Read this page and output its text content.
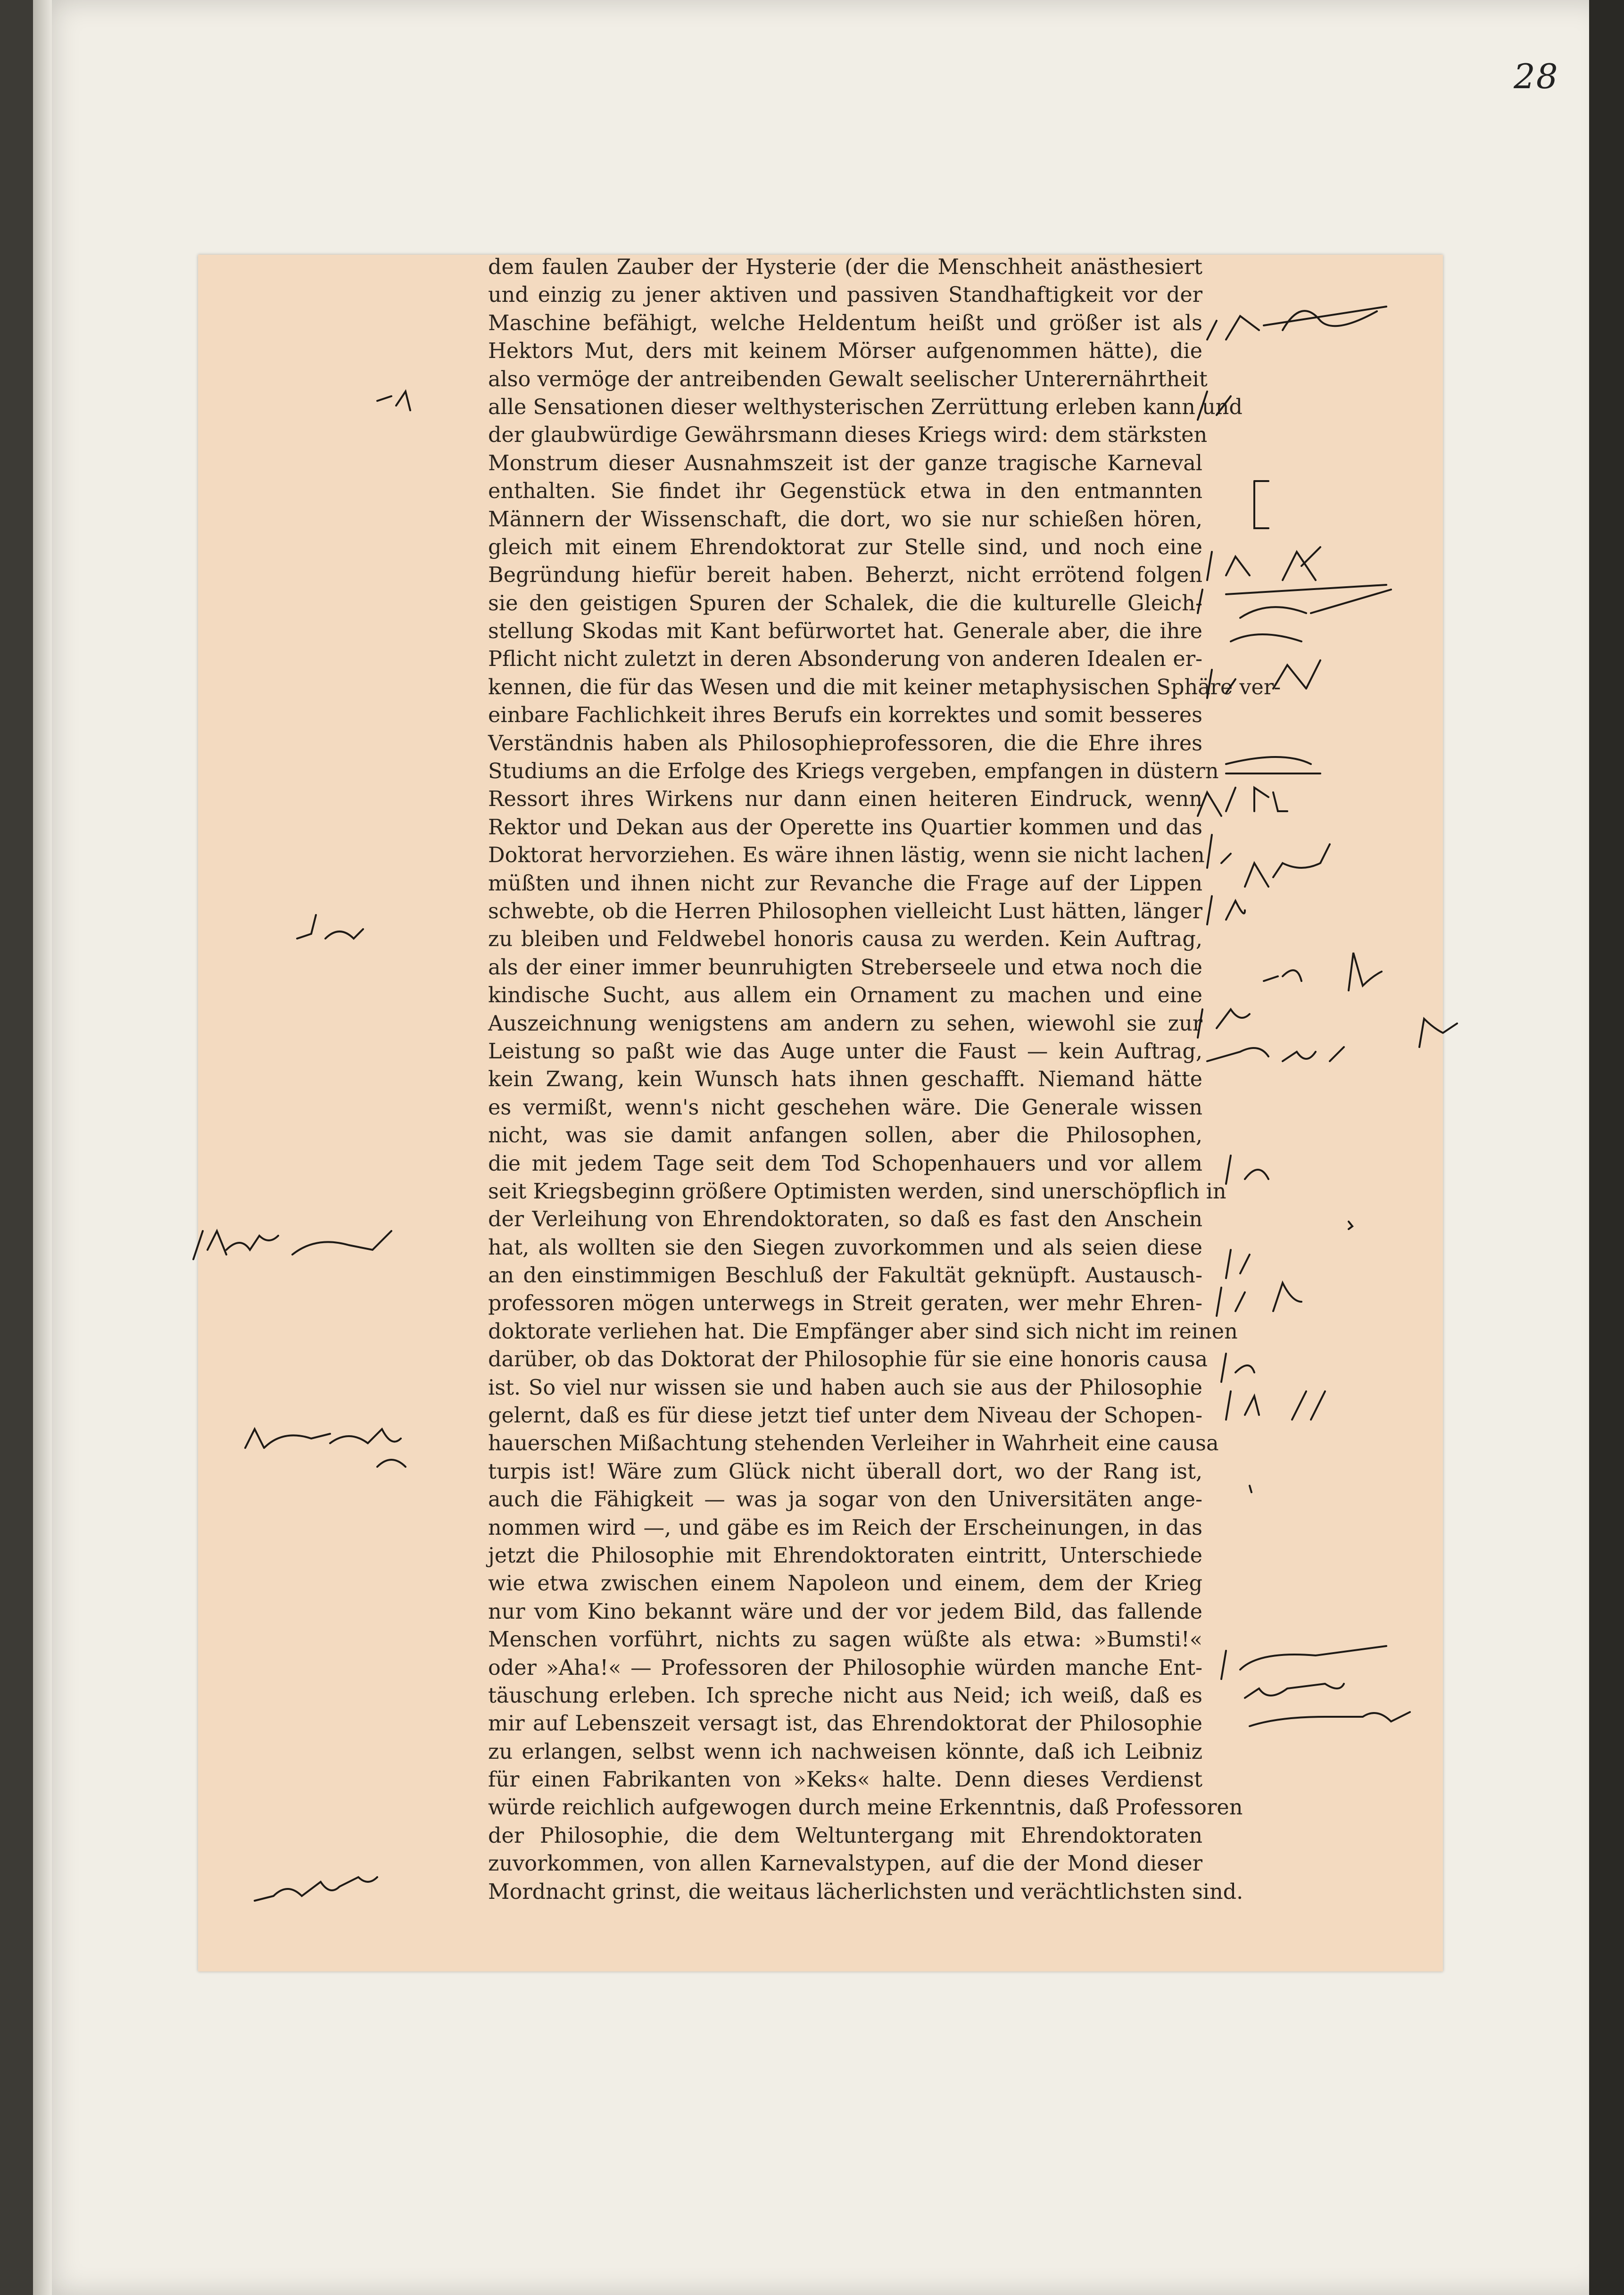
28
dem faulen Zauber der Hysterie (der die Menschheit anästhesiert
und einzig zu jener aktiven und passiven Standhaftigkeit vor der
Maschine befähigt, welche Heldentum heißt und größer ist als
Hektors Mut, ders mit keinem Mörser aufgenommen hätte), die
also vermöge der antreibenden Gewalt seelischer Unterernährtheit
alle Sensationen dieser welthysterischen Zerrüttung erleben kann und
der glaubwürdige Gewährsmann dieses Kriegs wird: dem stärksten
Monstrum dieser Ausnahmszeit ist der ganze tragische Karneval
enthalten. Sie findet ihr Gegenstück etwa in den entmannten
Männern der Wissenschaft, die dort, wo sie nur schießen hören,
gleich mit einem Ehrendoktorat zur Stelle sind, und noch eine
Begründung hiefür bereit haben. Beherzt, nicht errötend folgen
sie den geistigen Spuren der Schalek, die die kulturelle Gleich-
stellung Skodas mit Kant befürwortet hat. Generale aber, die ihre
Pflicht nicht zuletzt in deren Absonderung von anderen Idealen er-
kennen, die für das Wesen und die mit keiner metaphysischen Sphäre ver-
einbare Fachlichkeit ihres Berufs ein korrektes und somit besseres
Verständnis haben als Philosophieprofessoren, die die Ehre ihres
Studiums an die Erfolge des Kriegs vergeben, empfangen in düstern
Ressort ihres Wirkens nur dann einen heiteren Eindruck, wenn
Rektor und Dekan aus der Operette ins Quartier kommen und das
Doktorat hervorziehen. Es wäre ihnen lästig, wenn sie nicht lachen
müßten und ihnen nicht zur Revanche die Frage auf der Lippen
schwebte, ob die Herren Philosophen vielleicht Lust hätten, länger
zu bleiben und Feldwebel honoris causa zu werden. Kein Auftrag,
als der einer immer beunruhigten Streberseele und etwa noch die
kindische Sucht, aus allem ein Ornament zu machen und eine
Auszeichnung wenigstens am andern zu sehen, wiewohl sie zur
Leistung so paßt wie das Auge unter die Faust — kein Auftrag,
kein Zwang, kein Wunsch hats ihnen geschafft. Niemand hätte
es vermißt, wenn's nicht geschehen wäre. Die Generale wissen
nicht, was sie damit anfangen sollen, aber die Philosophen,
die mit jedem Tage seit dem Tod Schopenhauers und vor allem
seit Kriegsbeginn größere Optimisten werden, sind unerschöpflich in
der Verleihung von Ehrendoktoraten, so daß es fast den Anschein
hat, als wollten sie den Siegen zuvorkommen und als seien diese
an den einstimmigen Beschluß der Fakultät geknüpft. Austausch-
professoren mögen unterwegs in Streit geraten, wer mehr Ehren-
doktorate verliehen hat. Die Empfänger aber sind sich nicht im reinen
darüber, ob das Doktorat der Philosophie für sie eine honoris causa
ist. So viel nur wissen sie und haben auch sie aus der Philosophie
gelernt, daß es für diese jetzt tief unter dem Niveau der Schopen-
hauerschen Mißachtung stehenden Verleiher in Wahrheit eine causa
turpis ist! Wäre zum Glück nicht überall dort, wo der Rang ist,
auch die Fähigkeit — was ja sogar von den Universitäten ange-
nommen wird —, und gäbe es im Reich der Erscheinungen, in das
jetzt die Philosophie mit Ehrendoktoraten eintritt, Unterschiede
wie etwa zwischen einem Napoleon und einem, dem der Krieg
nur vom Kino bekannt wäre und der vor jedem Bild, das fallende
Menschen vorführt, nichts zu sagen wüßte als etwa: »Bumsti!«
oder »Aha!« — Professoren der Philosophie würden manche Ent-
täuschung erleben. Ich spreche nicht aus Neid; ich weiß, daß es
mir auf Lebenszeit versagt ist, das Ehrendoktorat der Philosophie
zu erlangen, selbst wenn ich nachweisen könnte, daß ich Leibniz
für einen Fabrikanten von »Keks« halte. Denn dieses Verdienst
würde reichlich aufgewogen durch meine Erkenntnis, daß Professoren
der Philosophie, die dem Weltuntergang mit Ehrendoktoraten
zuvorkommen, von allen Karnevalstypen, auf die der Mond dieser
Mordnacht grinst, die weitaus lächerlichsten und verächtlichsten sind.
